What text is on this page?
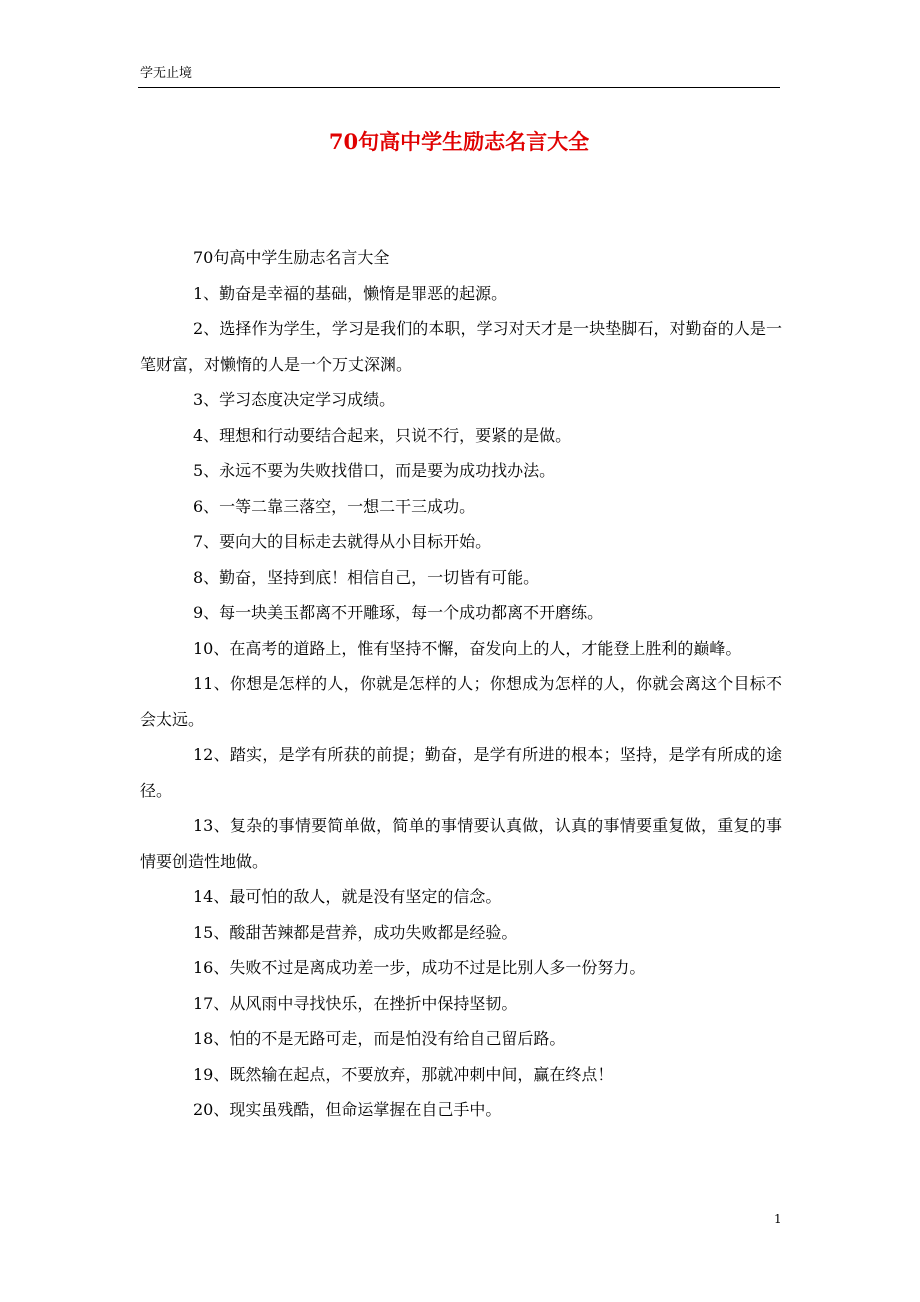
学无止境
70句高中学生励志名言大全

70句高中学生励志名言大全

1、勤奋是幸福的基础，懒惰是罪恶的起源。

2、选择作为学生，学习是我们的本职，学习对天才是一块垫脚石，对勤奋的人是一笔财富，对懒惰的人是一个万丈深渊。

3、学习态度决定学习成绩。

4、理想和行动要结合起来，只说不行，要紧的是做。

5、永远不要为失败找借口，而是要为成功找办法。

6、一等二靠三落空，一想二干三成功。

7、要向大的目标走去就得从小目标开始。

8、勤奋，坚持到底！相信自己，一切皆有可能。

9、每一块美玉都离不开雕琢，每一个成功都离不开磨练。

10、在高考的道路上，惟有坚持不懈，奋发向上的人，才能登上胜利的巅峰。

11、你想是怎样的人，你就是怎样的人；你想成为怎样的人，你就会离这个目标不会太远。

12、踏实，是学有所获的前提；勤奋，是学有所进的根本；坚持，是学有所成的途径。

13、复杂的事情要简单做，简单的事情要认真做，认真的事情要重复做，重复的事情要创造性地做。

14、最可怕的敌人，就是没有坚定的信念。

15、酸甜苦辣都是营养，成功失败都是经验。

16、失败不过是离成功差一步，成功不过是比别人多一份努力。

17、从风雨中寻找快乐，在挫折中保持坚韧。

18、怕的不是无路可走，而是怕没有给自己留后路。

19、既然输在起点，不要放弃，那就冲刺中间，赢在终点！

20、现实虽残酷，但命运掌握在自己手中。

1
